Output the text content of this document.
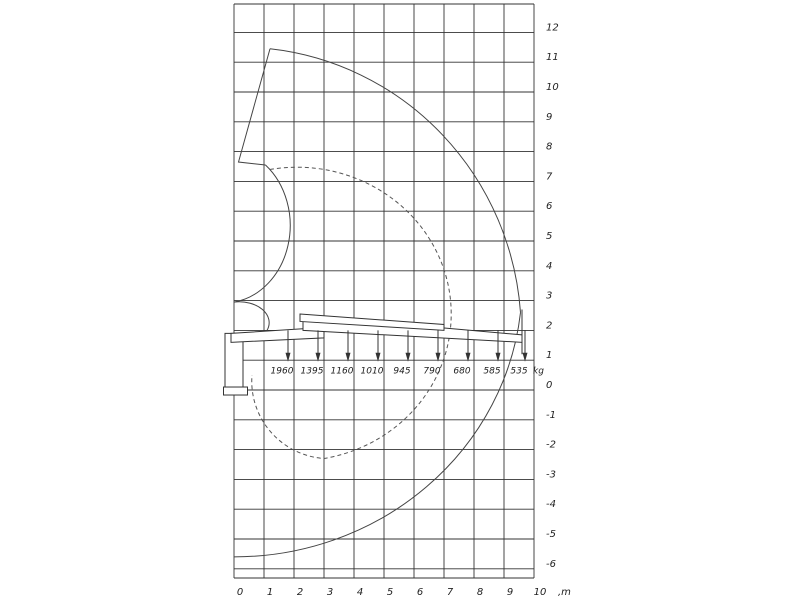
1960 1395 1160 1010 945 790 680 585 535 kg
0 1 2 3 4 5 6 7 8 9 10 ,m
12
11
10
9
8
7
6
5
4
3
2
1
0
-1
-2
-3
-4
-5
-6
